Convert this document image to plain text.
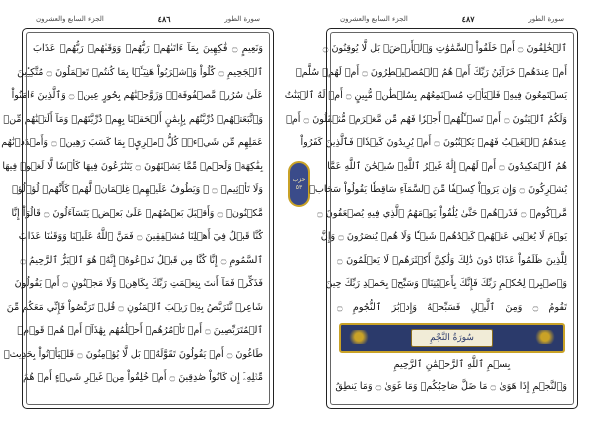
الجزء السابع والعشرون	٤٨٦	سورة الطور
وَنَعِيمٍ ۝ فَٰكِهِينَ بِمَآ ءَاتَىٰهُمۡ رَبُّهُمۡ وَوَقَىٰهُمۡ رَبُّهُمۡ عَذَابَ
ٱلۡجَحِيمِ ۝ كُلُواْ وَٱشۡرَبُواْ هَنِيٓـَٔۢا بِمَا كُنتُمۡ تَعۡمَلُونَ ۝ مُتَّكِـِٔينَ
عَلَىٰ سُرُرٖ مَّصۡفُوفَةٖۖ وَزَوَّجۡنَٰهُم بِحُورٍ عِينٖ ۝ وَٱلَّذِينَ ءَامَنُواْ
وَٱتَّبَعَتۡهُمۡ ذُرِّيَّتُهُم بِإِيمَٰنٍ أَلۡحَقۡنَا بِهِمۡ ذُرِّيَّتَهُمۡ وَمَآ أَلَتۡنَٰهُم مِّنۡ
عَمَلِهِم مِّن شَيۡءٖۚ كُلُّ ٱمۡرِيِٕۭ بِمَا كَسَبَ رَهِينٞ ۝ وَأَمۡدَدۡنَٰهُم
بِفَٰكِهَةٖ وَلَحۡمٖ مِّمَّا يَشۡتَهُونَ ۝ يَتَنَٰزَعُونَ فِيهَا كَأۡسٗا لَّا لَغۡوٞ فِيهَا
وَلَا تَأۡثِيمٞ ۝ ۞ وَيَطُوفُ عَلَيۡهِمۡ غِلۡمَانٞ لَّهُمۡ كَأَنَّهُمۡ لُؤۡلُؤٞ
مَّكۡنُونٞ ۝ وَأَقۡبَلَ بَعۡضُهُمۡ عَلَىٰ بَعۡضٖ يَتَسَآءَلُونَ ۝ قَالُوٓاْ إِنَّا
كُنَّا قَبۡلُ فِيٓ أَهۡلِنَا مُشۡفِقِينَ ۝ فَمَنَّ ٱللَّهُ عَلَيۡنَا وَوَقَىٰنَا عَذَابَ
ٱلسَّمُومِ ۝ إِنَّا كُنَّا مِن قَبۡلُ نَدۡعُوهُۖ إِنَّهُۥ هُوَ ٱلۡبَرُّ ٱلرَّحِيمُ ۝
فَذَكِّرۡ فَمَآ أَنتَ بِنِعۡمَتِ رَبِّكَ بِكَاهِنٖ وَلَا مَجۡنُونٍ ۝ أَمۡ يَقُولُونَ
شَاعِرٞ نَّتَرَبَّصُ بِهِۦ رَيۡبَ ٱلۡمَنُونِ ۝ قُلۡ تَرَبَّصُواْ فَإِنِّي مَعَكُم مِّنَ
ٱلۡمُتَرَبِّصِينَ ۝ أَمۡ تَأۡمُرُهُمۡ أَحۡلَٰمُهُم بِهَٰذَآۚ أَمۡ هُمۡ قَوۡمٞ
طَاغُونَ ۝ أَمۡ يَقُولُونَ تَقَوَّلَهُۥۚ بَل لَّا يُؤۡمِنُونَ ۝ فَلۡيَأۡتُواْ بِحَدِيثٖ
مِّثۡلِهِۦٓ إِن كَانُواْ صَٰدِقِينَ ۝ أَمۡ خُلِقُواْ مِنۡ غَيۡرِ شَيۡءٍ أَمۡ هُمُ
حزب ٥٣
الجزء السابع والعشرون	٤٨٧	سورة الطور
ٱلۡخَٰلِقُونَ ۝ أَمۡ خَلَقُواْ ٱلسَّمَٰوَٰتِ وَٱلۡأَرۡضَۚ بَل لَّا يُوقِنُونَ ۝
أَمۡ عِندَهُمۡ خَزَآئِنُ رَبِّكَ أَمۡ هُمُ ٱلۡمُصَۜيۡطِرُونَ ۝ أَمۡ لَهُمۡ سُلَّمٞ
يَسۡتَمِعُونَ فِيهِۖ فَلۡيَأۡتِ مُسۡتَمِعُهُم بِسُلۡطَٰنٖ مُّبِينٍ ۝ أَمۡ لَهُ ٱلۡبَنَٰتُ
وَلَكُمُ ٱلۡبَنُونَ ۝ أَمۡ تَسۡـَٔلُهُمۡ أَجۡرٗا فَهُم مِّن مَّغۡرَمٖ مُّثۡقَلُونَ ۝ أَمۡ
عِندَهُمُ ٱلۡغَيۡبُ فَهُمۡ يَكۡتُبُونَ ۝ أَمۡ يُرِيدُونَ كَيۡدٗاۖ فَٱلَّذِينَ كَفَرُواْ
هُمُ ٱلۡمَكِيدُونَ ۝ أَمۡ لَهُمۡ إِلَٰهٌ غَيۡرُ ٱللَّهِۚ سُبۡحَٰنَ ٱللَّهِ عَمَّا
يُشۡرِكُونَ ۝ وَإِن يَرَوۡاْ كِسۡفٗا مِّنَ ٱلسَّمَآءِ سَاقِطٗا يَقُولُواْ سَحَابٞ
مَّرۡكُومٞ ۝ فَذَرۡهُمۡ حَتَّىٰ يُلَٰقُواْ يَوۡمَهُمُ ٱلَّذِي فِيهِ يُصۡعَقُونَ ۝
يَوۡمَ لَا يُغۡنِي عَنۡهُمۡ كَيۡدُهُمۡ شَيۡـٔٗا وَلَا هُمۡ يُنصَرُونَ ۝ وَإِنَّ
لِلَّذِينَ ظَلَمُواْ عَذَابٗا دُونَ ذَٰلِكَ وَلَٰكِنَّ أَكۡثَرَهُمۡ لَا يَعۡلَمُونَ ۝
وَٱصۡبِرۡ لِحُكۡمِ رَبِّكَ فَإِنَّكَ بِأَعۡيُنِنَاۖ وَسَبِّحۡ بِحَمۡدِ رَبِّكَ حِينَ
تَقُومُ ۝ وَمِنَ ٱلَّيۡلِ فَسَبِّحۡهُ وَإِدۡبَٰرَ ٱلنُّجُومِ ۝
سُورَةُ النَّجْمِ
بِسۡمِ ٱللَّهِ ٱلرَّحۡمَٰنِ ٱلرَّحِيمِ
وَٱلنَّجۡمِ إِذَا هَوَىٰ ۝ مَا ضَلَّ صَاحِبُكُمۡ وَمَا غَوَىٰ ۝ وَمَا يَنطِقُ
